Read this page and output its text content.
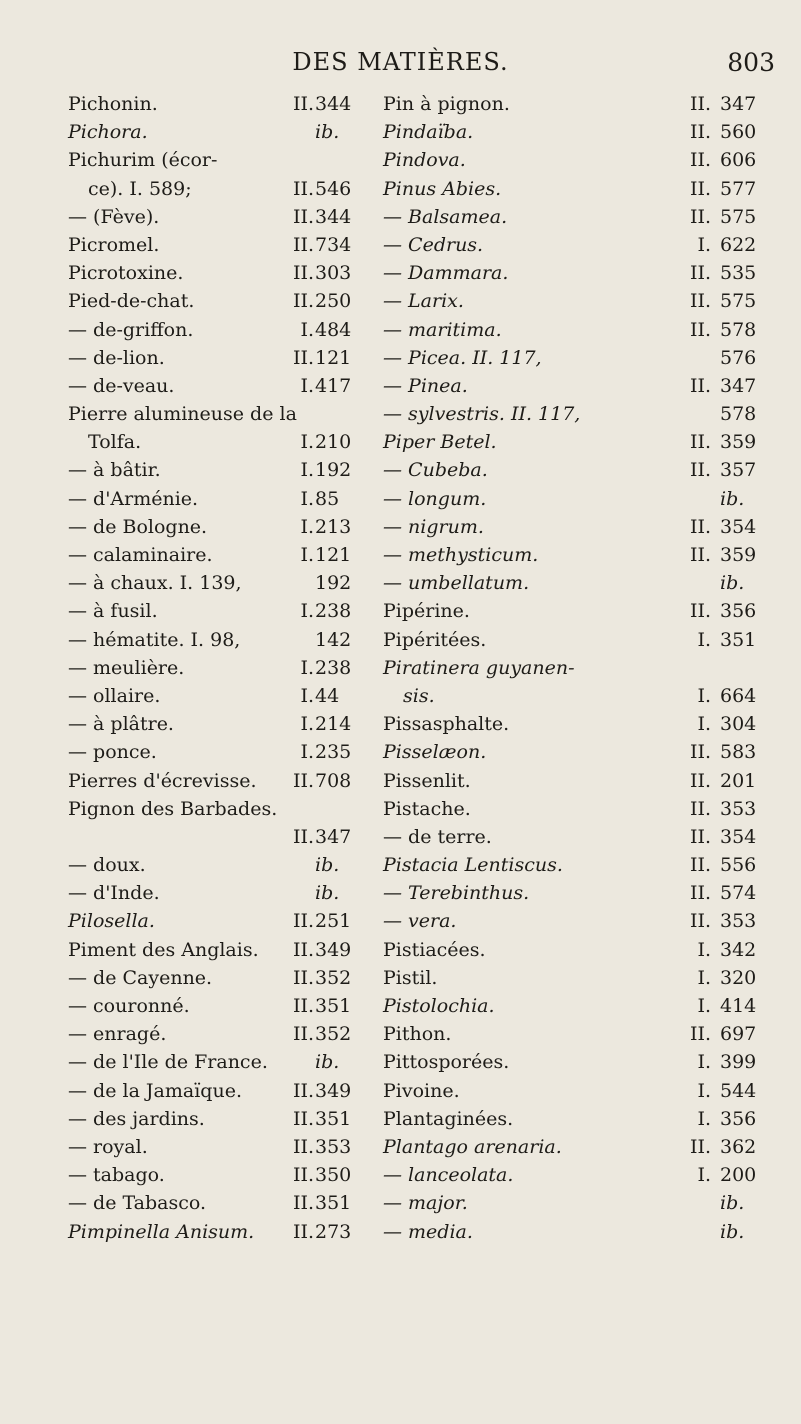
DES MATIÈRES.	803
Pichonin.	II. 344
Pichora.	ib.
Pichurim (écor-
ce). I. 589;	II. 546
— (Fève).	II. 344
Picromel.	II. 734
Picrotoxine.	II. 303
Pied-de-chat.	II. 250
— de-griffon.	I. 484
— de-lion.	II. 121
— de-veau.	I. 417
Pierre alumineuse de la
Tolfa.	I. 210
— à bâtir.	I. 192
— d'Arménie.	I. 85
— de Bologne.	I. 213
— calaminaire.	I. 121
— à chaux. I. 139,	192
— à fusil.	I. 238
— hématite. I. 98,	142
— meulière.	I. 238
— ollaire.	I. 44
— à plâtre.	I. 214
— ponce.	I. 235
Pierres d'écrevisse. II. 708
Pignon des Barbades.
II. 347
— doux.	ib.
— d'Inde.	ib.
Pilosella.	II. 251
Piment des Anglais. II. 349
— de Cayenne.	II. 352
— couronné.	II. 351
— enragé.	II. 352
— de l'Ile de France. ib.
— de la Jamaïque.	II. 349
— des jardins.	II. 351
— royal.	II. 353
— tabago.	II. 350
— de Tabasco.	II. 351
Pimpinella Anisum. II. 273
Pin à pignon.	II. 347
Pindaïba.	II. 560
Pindova.	II. 606
Pinus Abies.	II. 577
— Balsamea.	II. 575
— Cedrus.	I. 622
— Dammara.	II. 535
— Larix.	II. 575
— maritima.	II. 578
— Picea. II. 117,	576
— Pinea.	II. 347
— sylvestris. II. 117,	578
Piper Betel.	II. 359
— Cubeba.	II. 357
— longum.	ib.
— nigrum.	II. 354
— methysticum.	II. 359
— umbellatum.	ib.
Pipérine.	II. 356
Pipéritées.	I. 351
Piratinera guyanen-
sis.	I. 664
Pissasphalte.	I. 304
Pisselæon.	II. 583
Pissenlit.	II. 201
Pistache.	II. 353
— de terre.	II. 354
Pistacia Lentiscus.	II. 556
— Terebinthus.	II. 574
— vera.	II. 353
Pistiacées.	I. 342
Pistil.	I. 320
Pistolochia.	I. 414
Pithon.	II. 697
Pittosporées.	I. 399
Pivoine.	I. 544
Plantaginées.	I. 356
Plantago arenaria.	II. 362
— lanceolata.	I. 200
— major.	ib.
— media.	ib.
